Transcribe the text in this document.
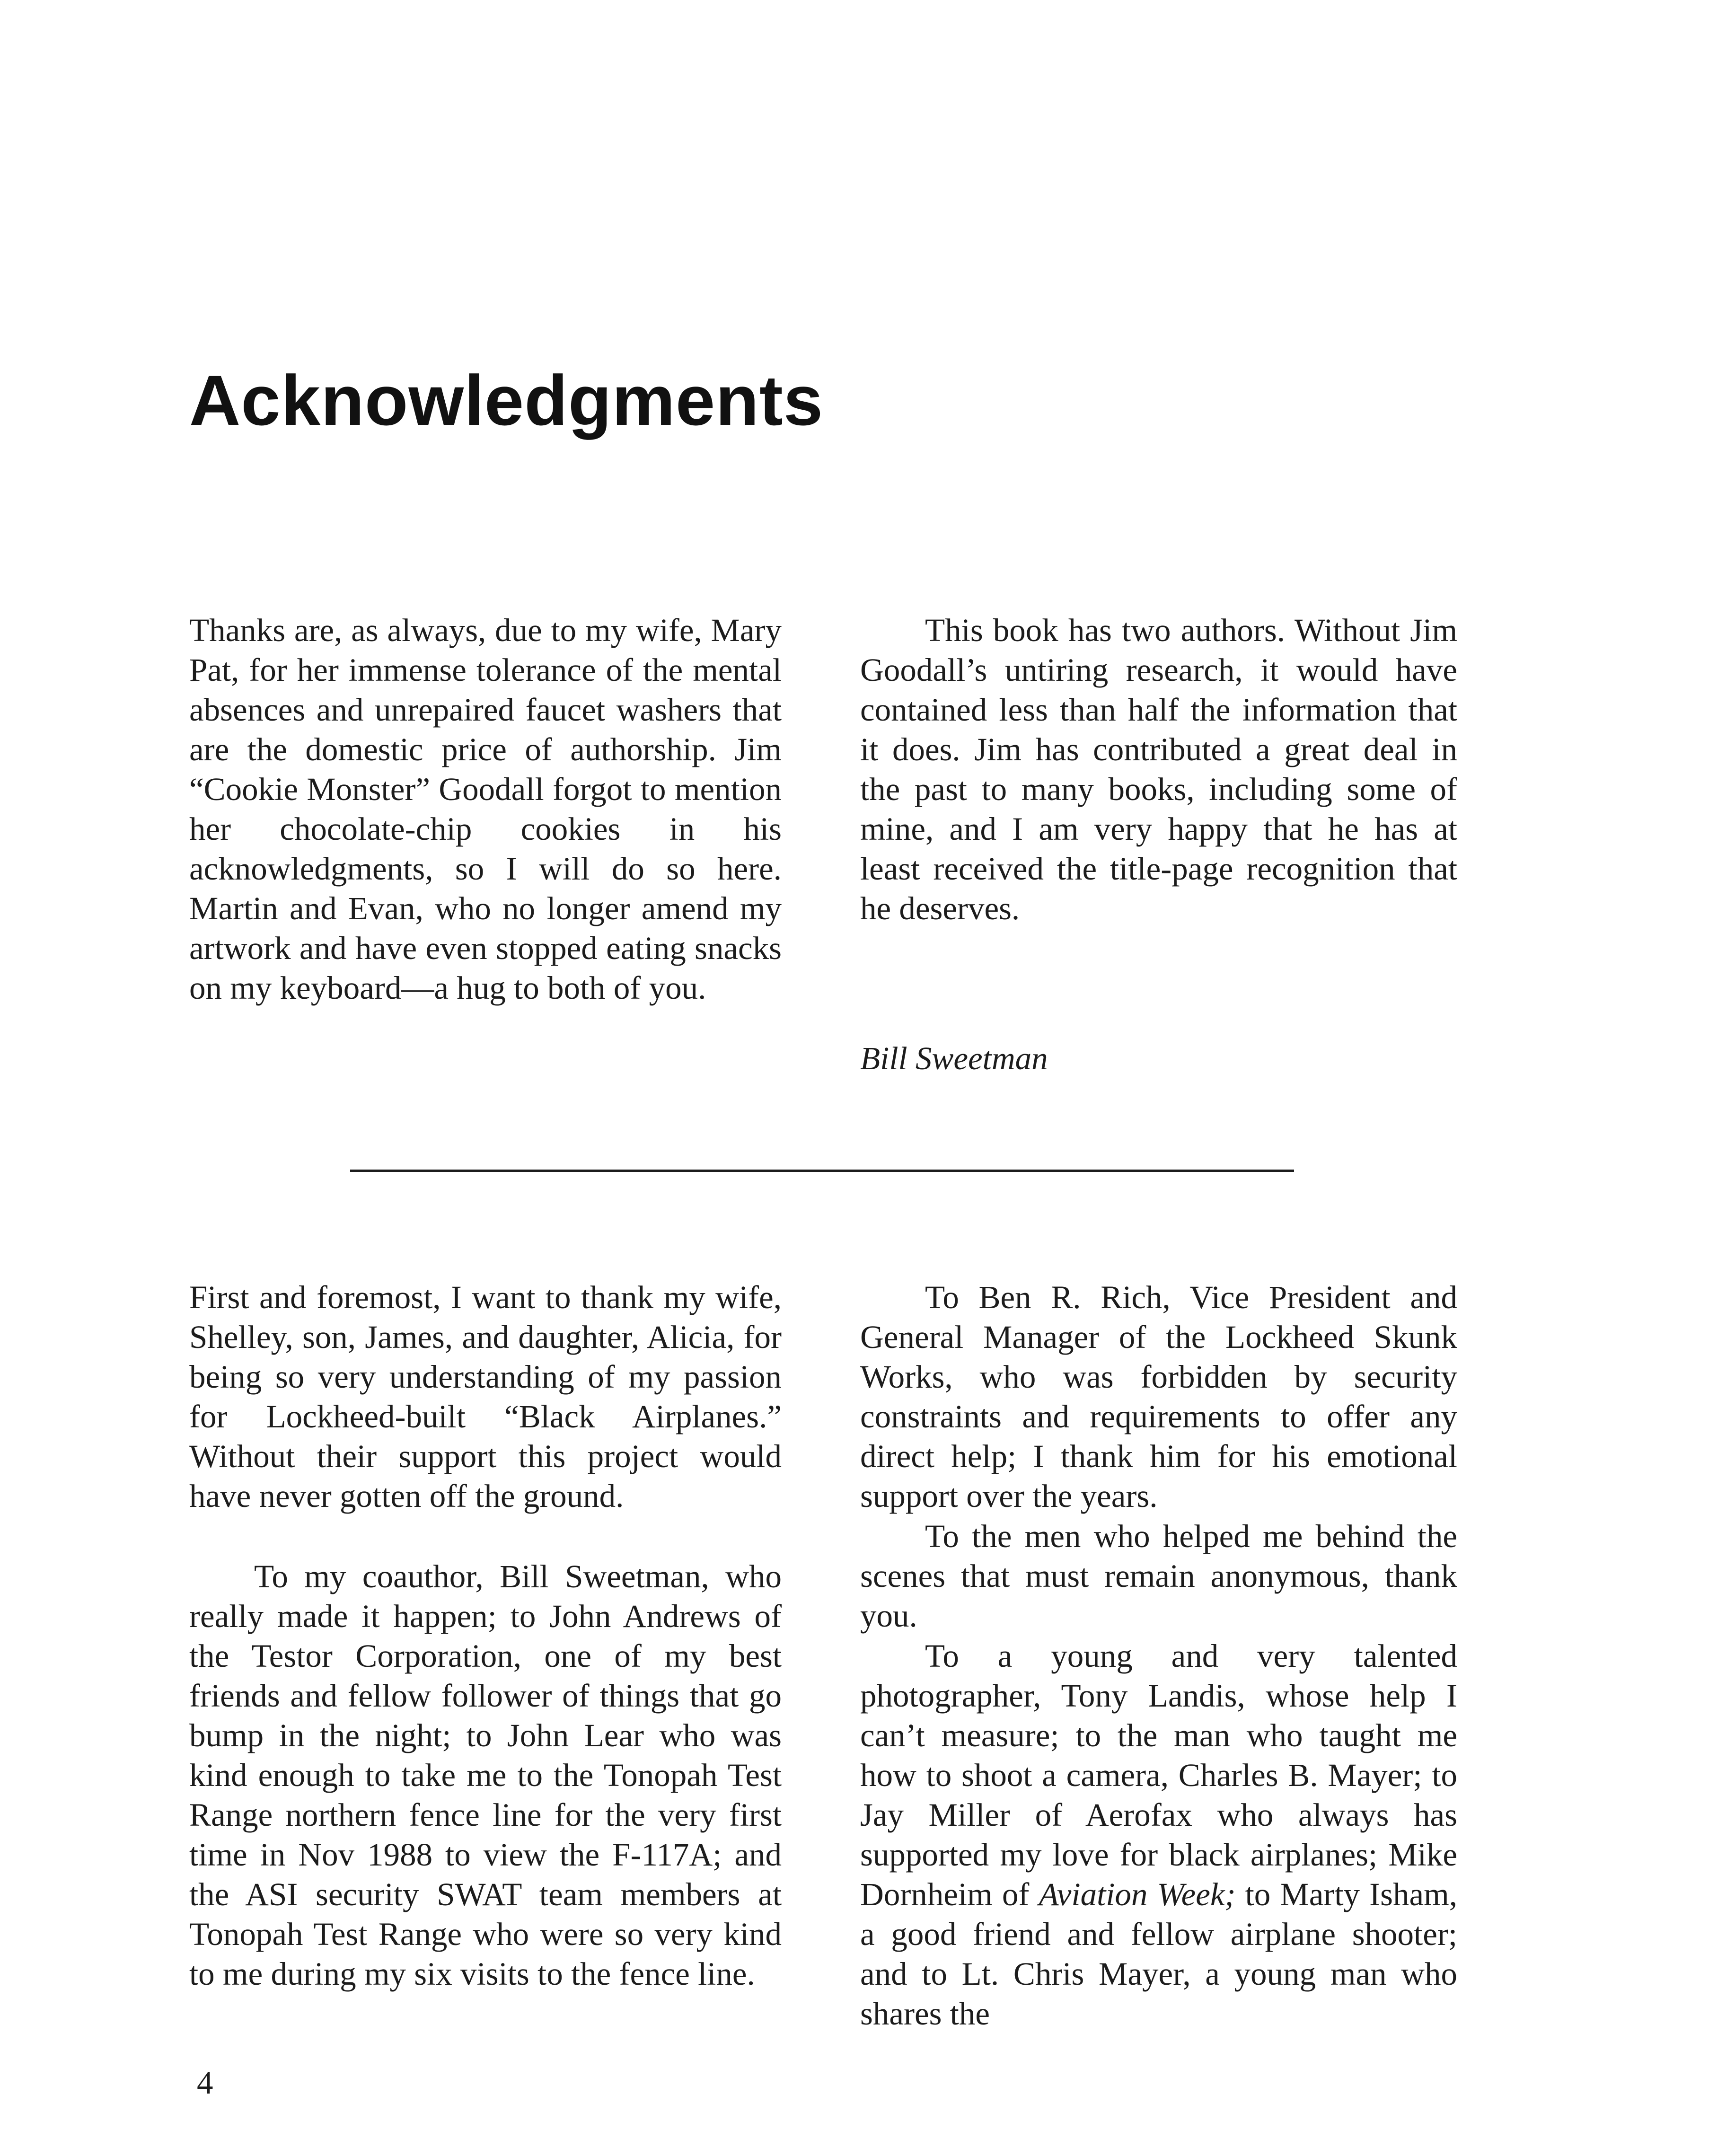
Acknowledgments

Thanks are, as always, due to my wife, Mary Pat, for her immense tolerance of the mental absences and unrepaired faucet washers that are the domestic price of authorship. Jim “Cookie Monster” Goodall forgot to mention her chocolate-chip cookies in his acknowledgments, so I will do so here. Martin and Evan, who no longer amend my artwork and have even stopped eating snacks on my keyboard—a hug to both of you.

This book has two authors. Without Jim Goodall’s untiring research, it would have contained less than half the information that it does. Jim has contributed a great deal in the past to many books, including some of mine, and I am very happy that he has at least received the title-page recognition that he deserves.

Bill Sweetman

First and foremost, I want to thank my wife, Shelley, son, James, and daughter, Alicia, for being so very understanding of my passion for Lockheed-built “Black Airplanes.” Without their support this project would have never gotten off the ground.

To my coauthor, Bill Sweetman, who really made it happen; to John Andrews of the Testor Corporation, one of my best friends and fellow follower of things that go bump in the night; to John Lear who was kind enough to take me to the Tonopah Test Range northern fence line for the very first time in Nov 1988 to view the F-117A; and the ASI security SWAT team members at Tonopah Test Range who were so very kind to me during my six visits to the fence line.

To Ben R. Rich, Vice President and General Manager of the Lockheed Skunk Works, who was forbidden by security constraints and requirements to offer any direct help; I thank him for his emotional support over the years.

To the men who helped me behind the scenes that must remain anonymous, thank you.

To a young and very talented photographer, Tony Landis, whose help I can’t measure; to the man who taught me how to shoot a camera, Charles B. Mayer; to Jay Miller of Aerofax who always has supported my love for black airplanes; Mike Dornheim of Aviation Week; to Marty Isham, a good friend and fellow airplane shooter; and to Lt. Chris Mayer, a young man who shares the

4
